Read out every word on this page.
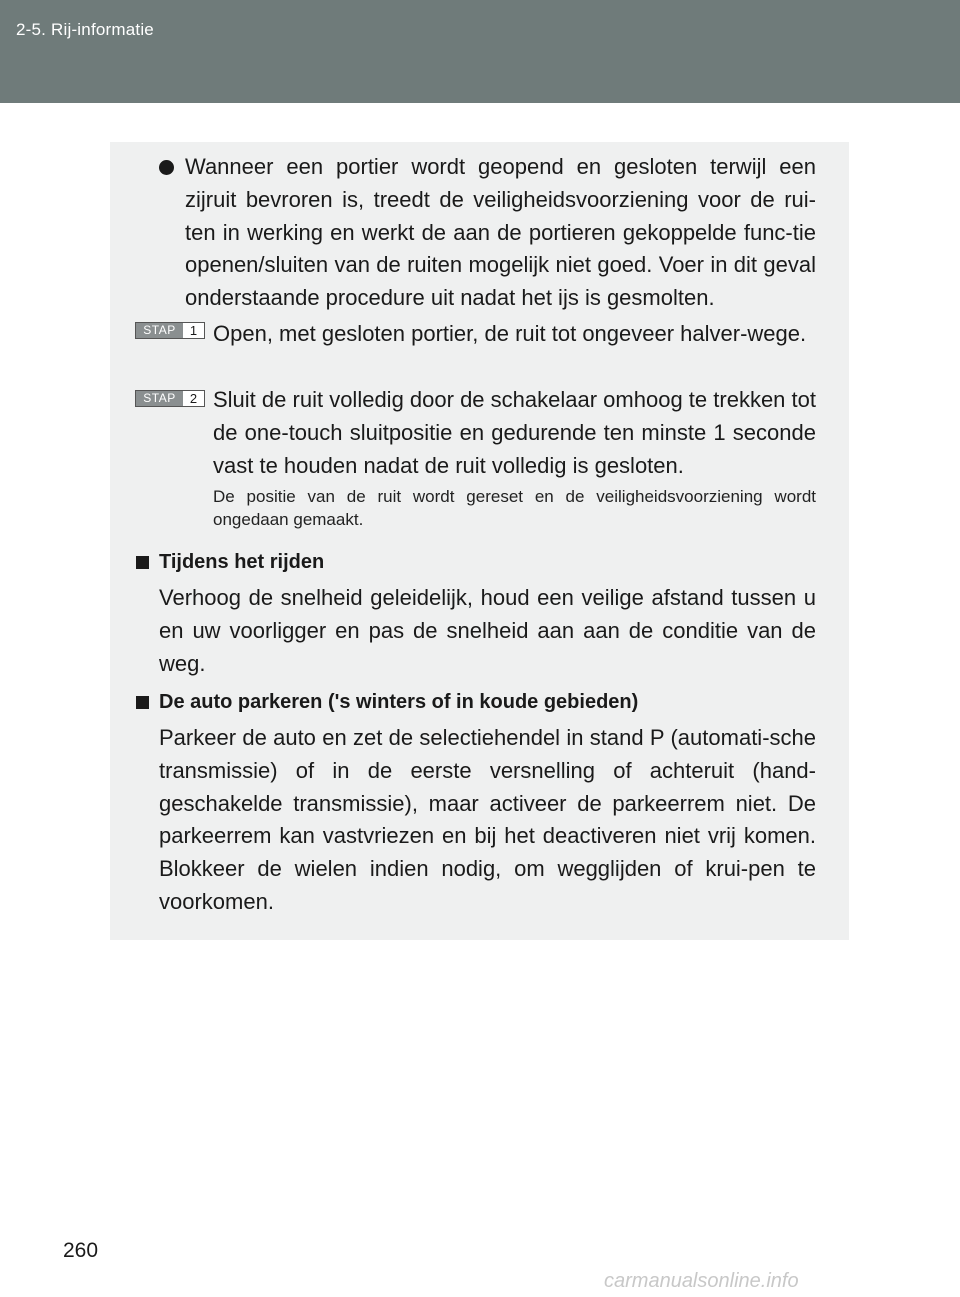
2-5. Rij-informatie
Wanneer een portier wordt geopend en gesloten terwijl een zijruit bevroren is, treedt de veiligheidsvoorziening voor de rui-ten in werking en werkt de aan de portieren gekoppelde func-tie openen/sluiten van de ruiten mogelijk niet goed. Voer in dit geval onderstaande procedure uit nadat het ijs is gesmolten.
STAP	1 Open, met gesloten portier, de ruit tot ongeveer halver-wege.
STAP	2 Sluit de ruit volledig door de schakelaar omhoog te trekken tot de one-touch sluitpositie en gedurende ten minste 1 seconde vast te houden nadat de ruit volledig is gesloten.
De positie van de ruit wordt gereset en de veiligheidsvoorziening wordt ongedaan gemaakt.
Tijdens het rijden
Verhoog de snelheid geleidelijk, houd een veilige afstand tussen u en uw voorligger en pas de snelheid aan aan de conditie van de weg.
De auto parkeren ('s winters of in koude gebieden)
Parkeer de auto en zet de selectiehendel in stand P (automati-sche transmissie) of in de eerste versnelling of achteruit (hand-geschakelde transmissie), maar activeer de parkeerrem niet. De parkeerrem kan vastvriezen en bij het deactiveren niet vrij komen. Blokkeer de wielen indien nodig, om wegglijden of krui-pen te voorkomen.
260
carmanualsonline.info
